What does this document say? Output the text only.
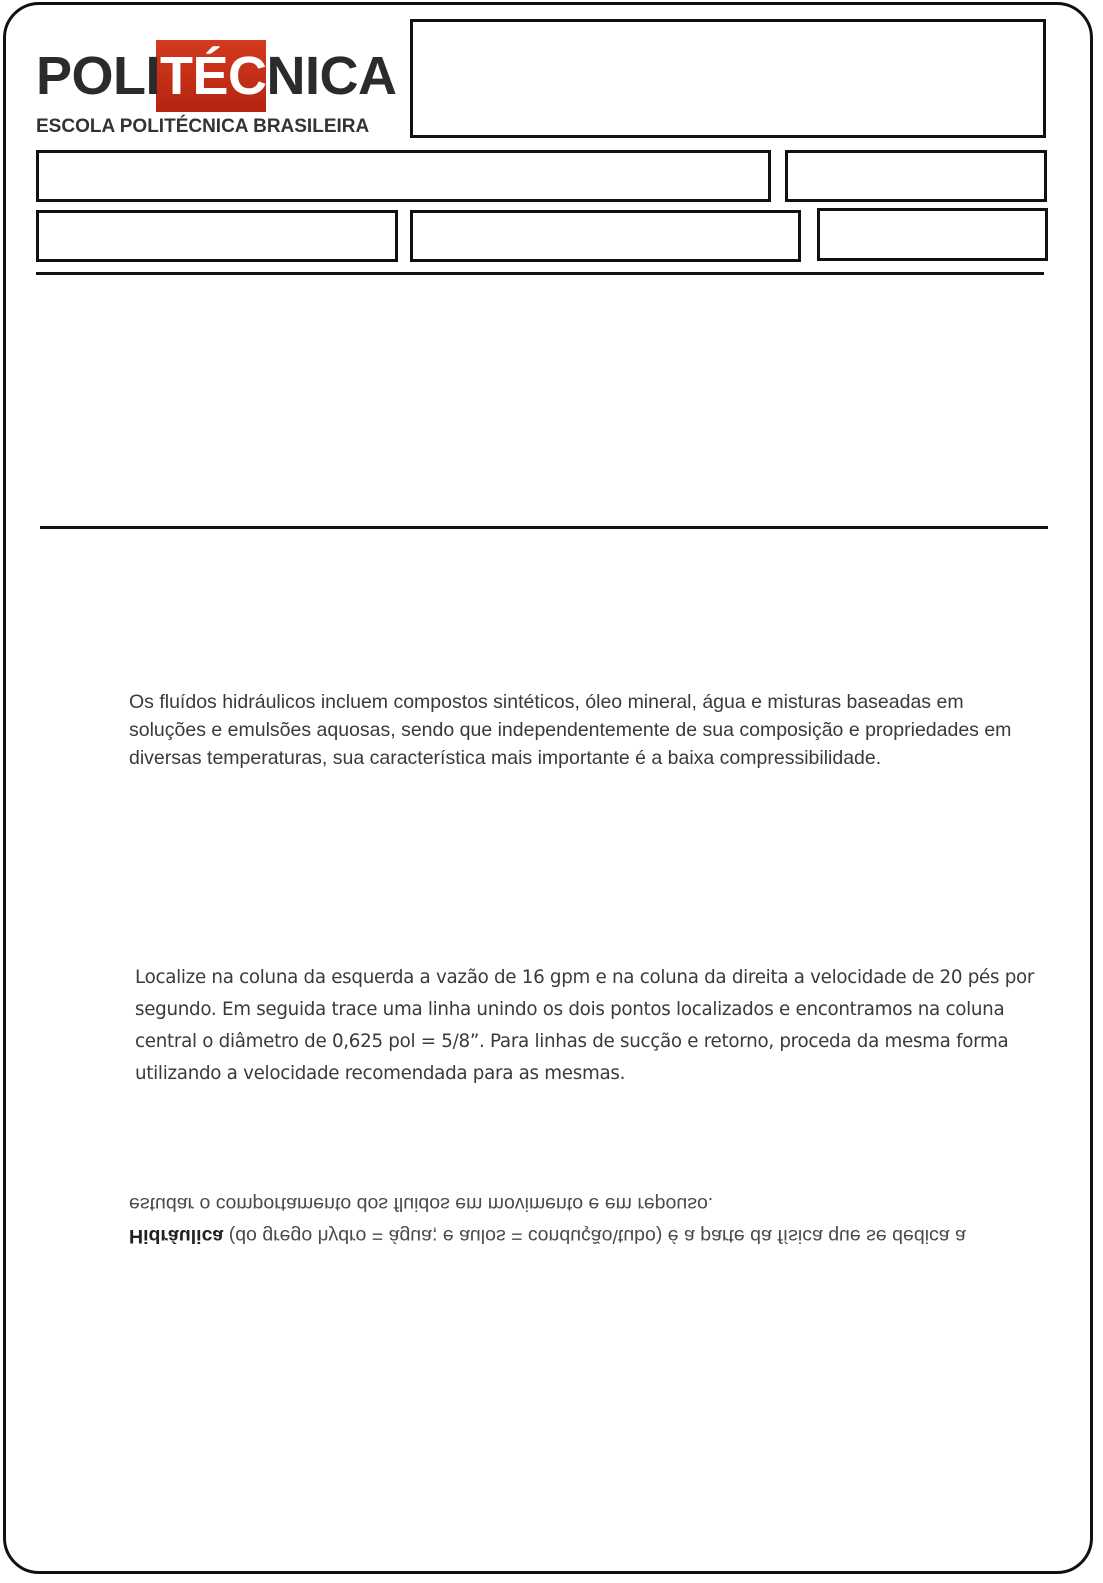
POLITÉCNICA
ESCOLA POLITÉCNICA BRASILEIRA

Os fluídos hidráulicos incluem compostos sintéticos, óleo mineral, água e misturas baseadas em soluções e emulsões aquosas, sendo que independentemente de sua composição e propriedades em diversas temperaturas, sua característica mais importante é a baixa compressibilidade.

Localize na coluna da esquerda a vazão de 16 gpm e na coluna da direita a velocidade de 20 pés por segundo. Em seguida trace uma linha unindo os dois pontos localizados e encontramos na coluna central o diâmetro de 0,625 pol = 5/8”. Para linhas de sucção e retorno, proceda da mesma forma utilizando a velocidade recomendada para as mesmas.

Hidráulica (do grego hydro = água; e aulos = condução\tubo) é a parte da física que se dedica a estudar o comportamento dos fluidos em movimento e em repouso.
